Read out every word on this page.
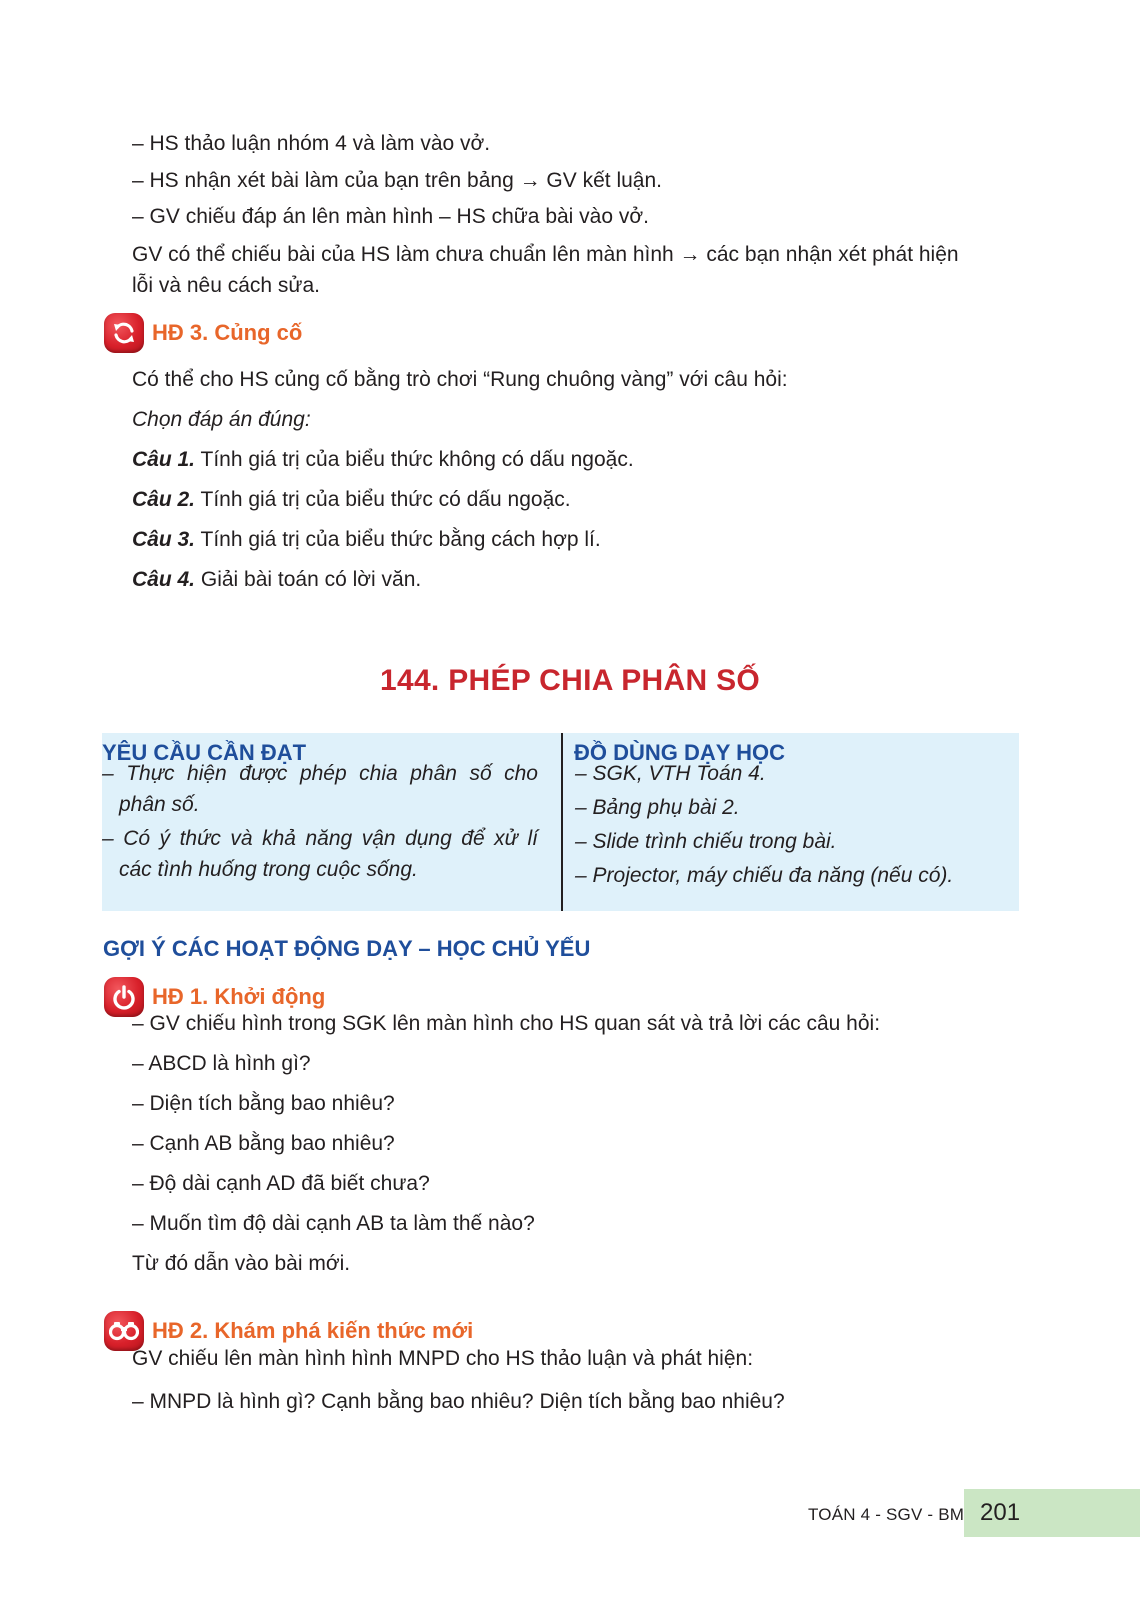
– HS thảo luận nhóm 4 và làm vào vở.
– HS nhận xét bài làm của bạn trên bảng → GV kết luận.
– GV chiếu đáp án lên màn hình – HS chữa bài vào vở.
GV có thể chiếu bài của HS làm chưa chuẩn lên màn hình → các bạn nhận xét phát hiện
lỗi và nêu cách sửa.
HĐ 3. Củng cố
Có thể cho HS củng cố bằng trò chơi “Rung chuông vàng” với câu hỏi:
Chọn đáp án đúng:
Câu 1. Tính giá trị của biểu thức không có dấu ngoặc.
Câu 2. Tính giá trị của biểu thức có dấu ngoặc.
Câu 3. Tính giá trị của biểu thức bằng cách hợp lí.
Câu 4. Giải bài toán có lời văn.
144. PHÉP CHIA PHÂN SỐ
YÊU CẦU CẦN ĐẠT
– Thực hiện được phép chia phân số cho
phân số.
– Có ý thức và khả năng vận dụng để xử lí
các tình huống trong cuộc sống.
ĐỒ DÙNG DẠY HỌC
– SGK, VTH Toán 4.
– Bảng phụ bài 2.
– Slide trình chiếu trong bài.
– Projector, máy chiếu đa năng (nếu có).
GỢI Ý CÁC HOẠT ĐỘNG DẠY – HỌC CHỦ YẾU
HĐ 1. Khởi động
– GV chiếu hình trong SGK lên màn hình cho HS quan sát và trả lời các câu hỏi:
– ABCD là hình gì?
– Diện tích bằng bao nhiêu?
– Cạnh AB bằng bao nhiêu?
– Độ dài cạnh AD đã biết chưa?
– Muốn tìm độ dài cạnh AB ta làm thế nào?
Từ đó dẫn vào bài mới.
HĐ 2. Khám phá kiến thức mới
GV chiếu lên màn hình hình MNPD cho HS thảo luận và phát hiện:
– MNPD là hình gì? Cạnh bằng bao nhiêu? Diện tích bằng bao nhiêu?
TOÁN 4 - SGV - BM 201
